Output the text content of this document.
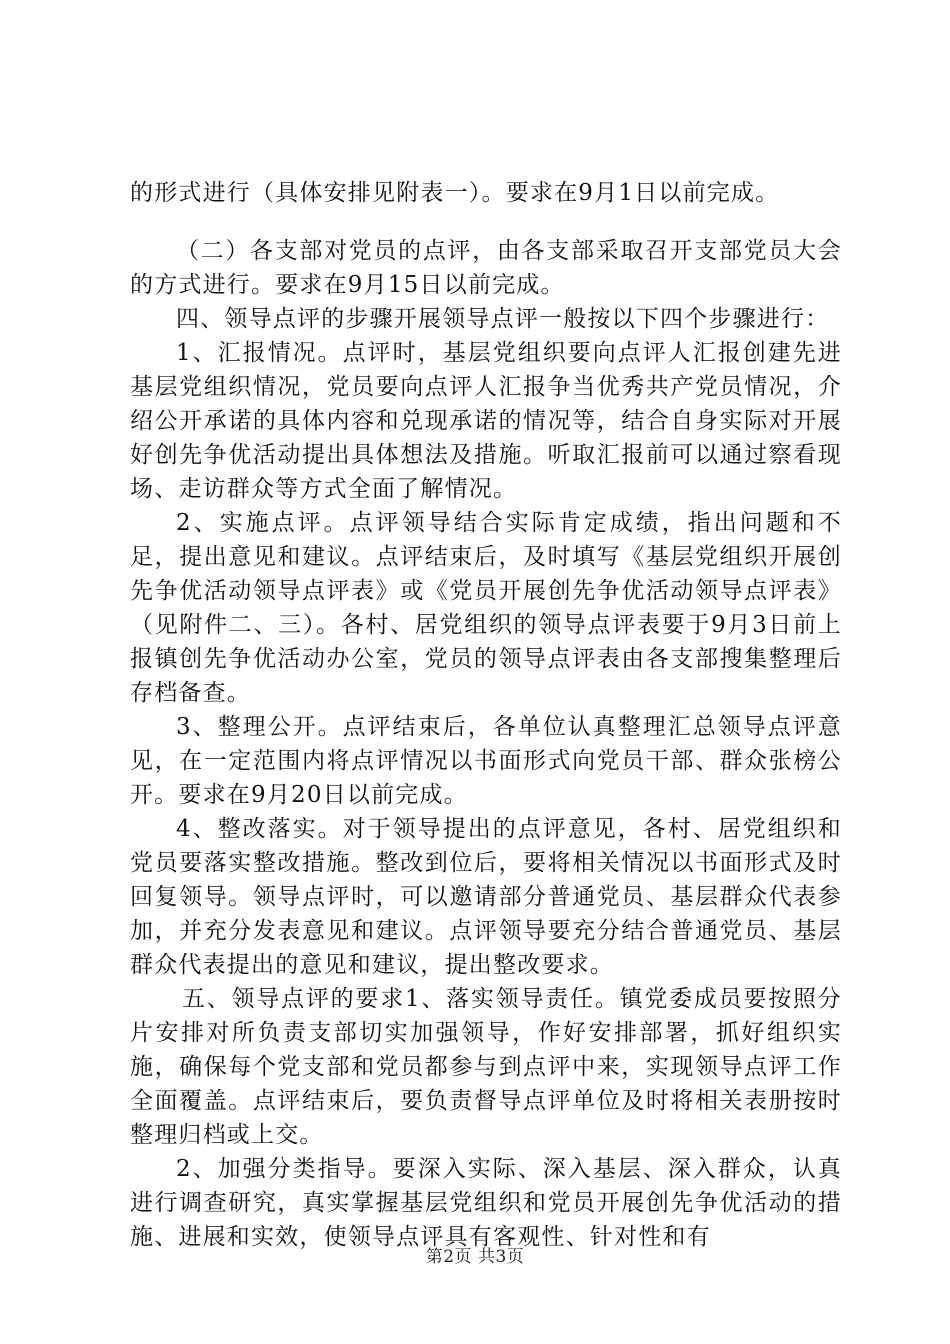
的形式进行（具体安排见附表一）。要求在9月1日以前完成。

（二）各支部对党员的点评，由各支部采取召开支部党员大会的方式进行。要求在9月15日以前完成。

四、领导点评的步骤开展领导点评一般按以下四个步骤进行：

1、汇报情况。点评时，基层党组织要向点评人汇报创建先进基层党组织情况，党员要向点评人汇报争当优秀共产党员情况，介绍公开承诺的具体内容和兑现承诺的情况等，结合自身实际对开展好创先争优活动提出具体想法及措施。听取汇报前可以通过察看现场、走访群众等方式全面了解情况。

2、实施点评。点评领导结合实际肯定成绩，指出问题和不足，提出意见和建议。点评结束后，及时填写《基层党组织开展创先争优活动领导点评表》或《党员开展创先争优活动领导点评表》（见附件二、三）。各村、居党组织的领导点评表要于9月3日前上报镇创先争优活动办公室，党员的领导点评表由各支部搜集整理后存档备查。

3、整理公开。点评结束后，各单位认真整理汇总领导点评意见，在一定范围内将点评情况以书面形式向党员干部、群众张榜公开。要求在9月20日以前完成。

4、整改落实。对于领导提出的点评意见，各村、居党组织和党员要落实整改措施。整改到位后，要将相关情况以书面形式及时回复领导。领导点评时，可以邀请部分普通党员、基层群众代表参加，并充分发表意见和建议。点评领导要充分结合普通党员、基层群众代表提出的意见和建议，提出整改要求。

五、领导点评的要求1、落实领导责任。镇党委成员要按照分片安排对所负责支部切实加强领导，作好安排部署，抓好组织实施，确保每个党支部和党员都参与到点评中来，实现领导点评工作全面覆盖。点评结束后，要负责督导点评单位及时将相关表册按时整理归档或上交。

2、加强分类指导。要深入实际、深入基层、深入群众，认真进行调查研究，真实掌握基层党组织和党员开展创先争优活动的措施、进展和实效，使领导点评具有客观性、针对性和有

第2页 共3页
